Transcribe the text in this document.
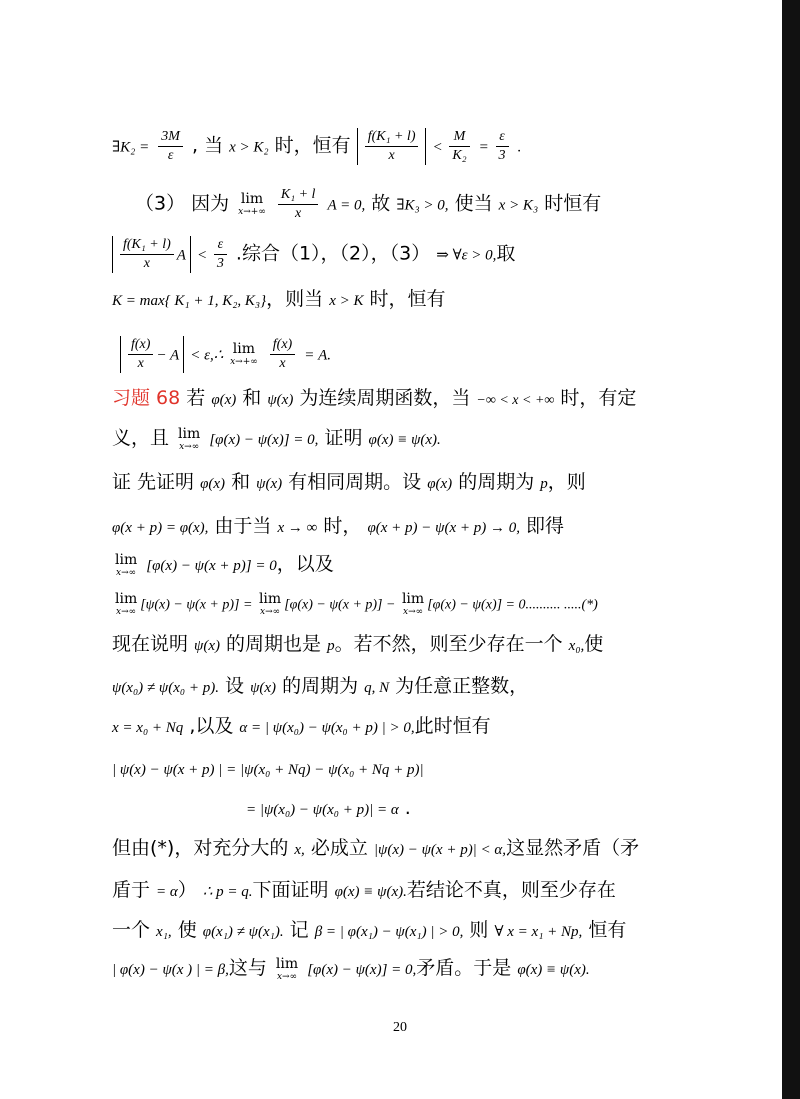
∃K₂ = $\frac{3M}{\varepsilon}$ , 当 x > K₂ 时，恒有 $\frac{\text{f(K₁ + l)}}{x} < \frac{M}{\text{K₂}} = \frac{\varepsilon}{3}$ .
（3） 因为 lim
x→+∞
$\frac{\text{K₁ + l}}{x}$ A = 0, 故 ∃K₃ > 0, 使当 x > K₃ 时恒有
$\frac{\text{f(K₁ + l)}}{x}$ $A < \frac{\varepsilon}{3}$ .综合（1），（2），（3） ⇒ ∀ε > 0,取
K = max{ K₁ + 1, K₂, K₃}，则当 x > K 时，恒有
$\frac{f(x)}{x} - A$ < ε,∴ lim
x→+∞
$\frac{f(x)}{x} = A$.
习题 68 若 φ(x) 和 ψ(x) 为连续周期函数，当 −∞ < x < +∞ 时，有定
义，且 lim
x→∞ [φ(x) − ψ(x)] = 0, 证明 φ(x) ≡ ψ(x).
证 先证明 φ(x) 和 ψ(x) 有相同周期。设 φ(x) 的周期为 p，则
φ(x + p) = φ(x), 由于当 x → ∞ 时， φ(x + p) − ψ(x + p) → 0, 即得
lim
x→∞ [φ(x) − ψ(x + p)] = 0，以及
lim
x→∞ [ψ(x) − ψ(x + p)] = lim
x→∞ [φ(x) − ψ(x + p)] − lim
x→∞ [φ(x) − ψ(x)] = 0.......... .....(*)
现在说明 ψ(x) 的周期也是 p。若不然，则至少存在一个 x₀,使
ψ(x₀) ≠ ψ(x₀ + p). 设 ψ(x) 的周期为 q, N 为任意正整数，
x = x₀ + Nq ,以及 α = | ψ(x₀) − ψ(x₀ + p) | > 0,此时恒有
| ψ(x) − ψ(x + p) | = |ψ(x₀ + Nq) − ψ(x₀ + Nq + p)|
= |ψ(x₀) − ψ(x₀ + p)| = α .
但由(*)，对充分大的 x, 必成立 |ψ(x) − ψ(x + p)| < α,这显然矛盾（矛
盾于 = α） ∴ p = q.下面证明 φ(x) ≡ ψ(x).若结论不真，则至少存在
一个 x₁, 使 φ(x₁) ≠ ψ(x₁). 记 β = | φ(x₁) − ψ(x₁) | > 0, 则 ∀ x = x₁ + Np, 恒有
| φ(x) − ψ(x ) | = β,这与 lim
x→∞ [φ(x) − ψ(x)] = 0,矛盾。于是 φ(x) ≡ ψ(x).
20
